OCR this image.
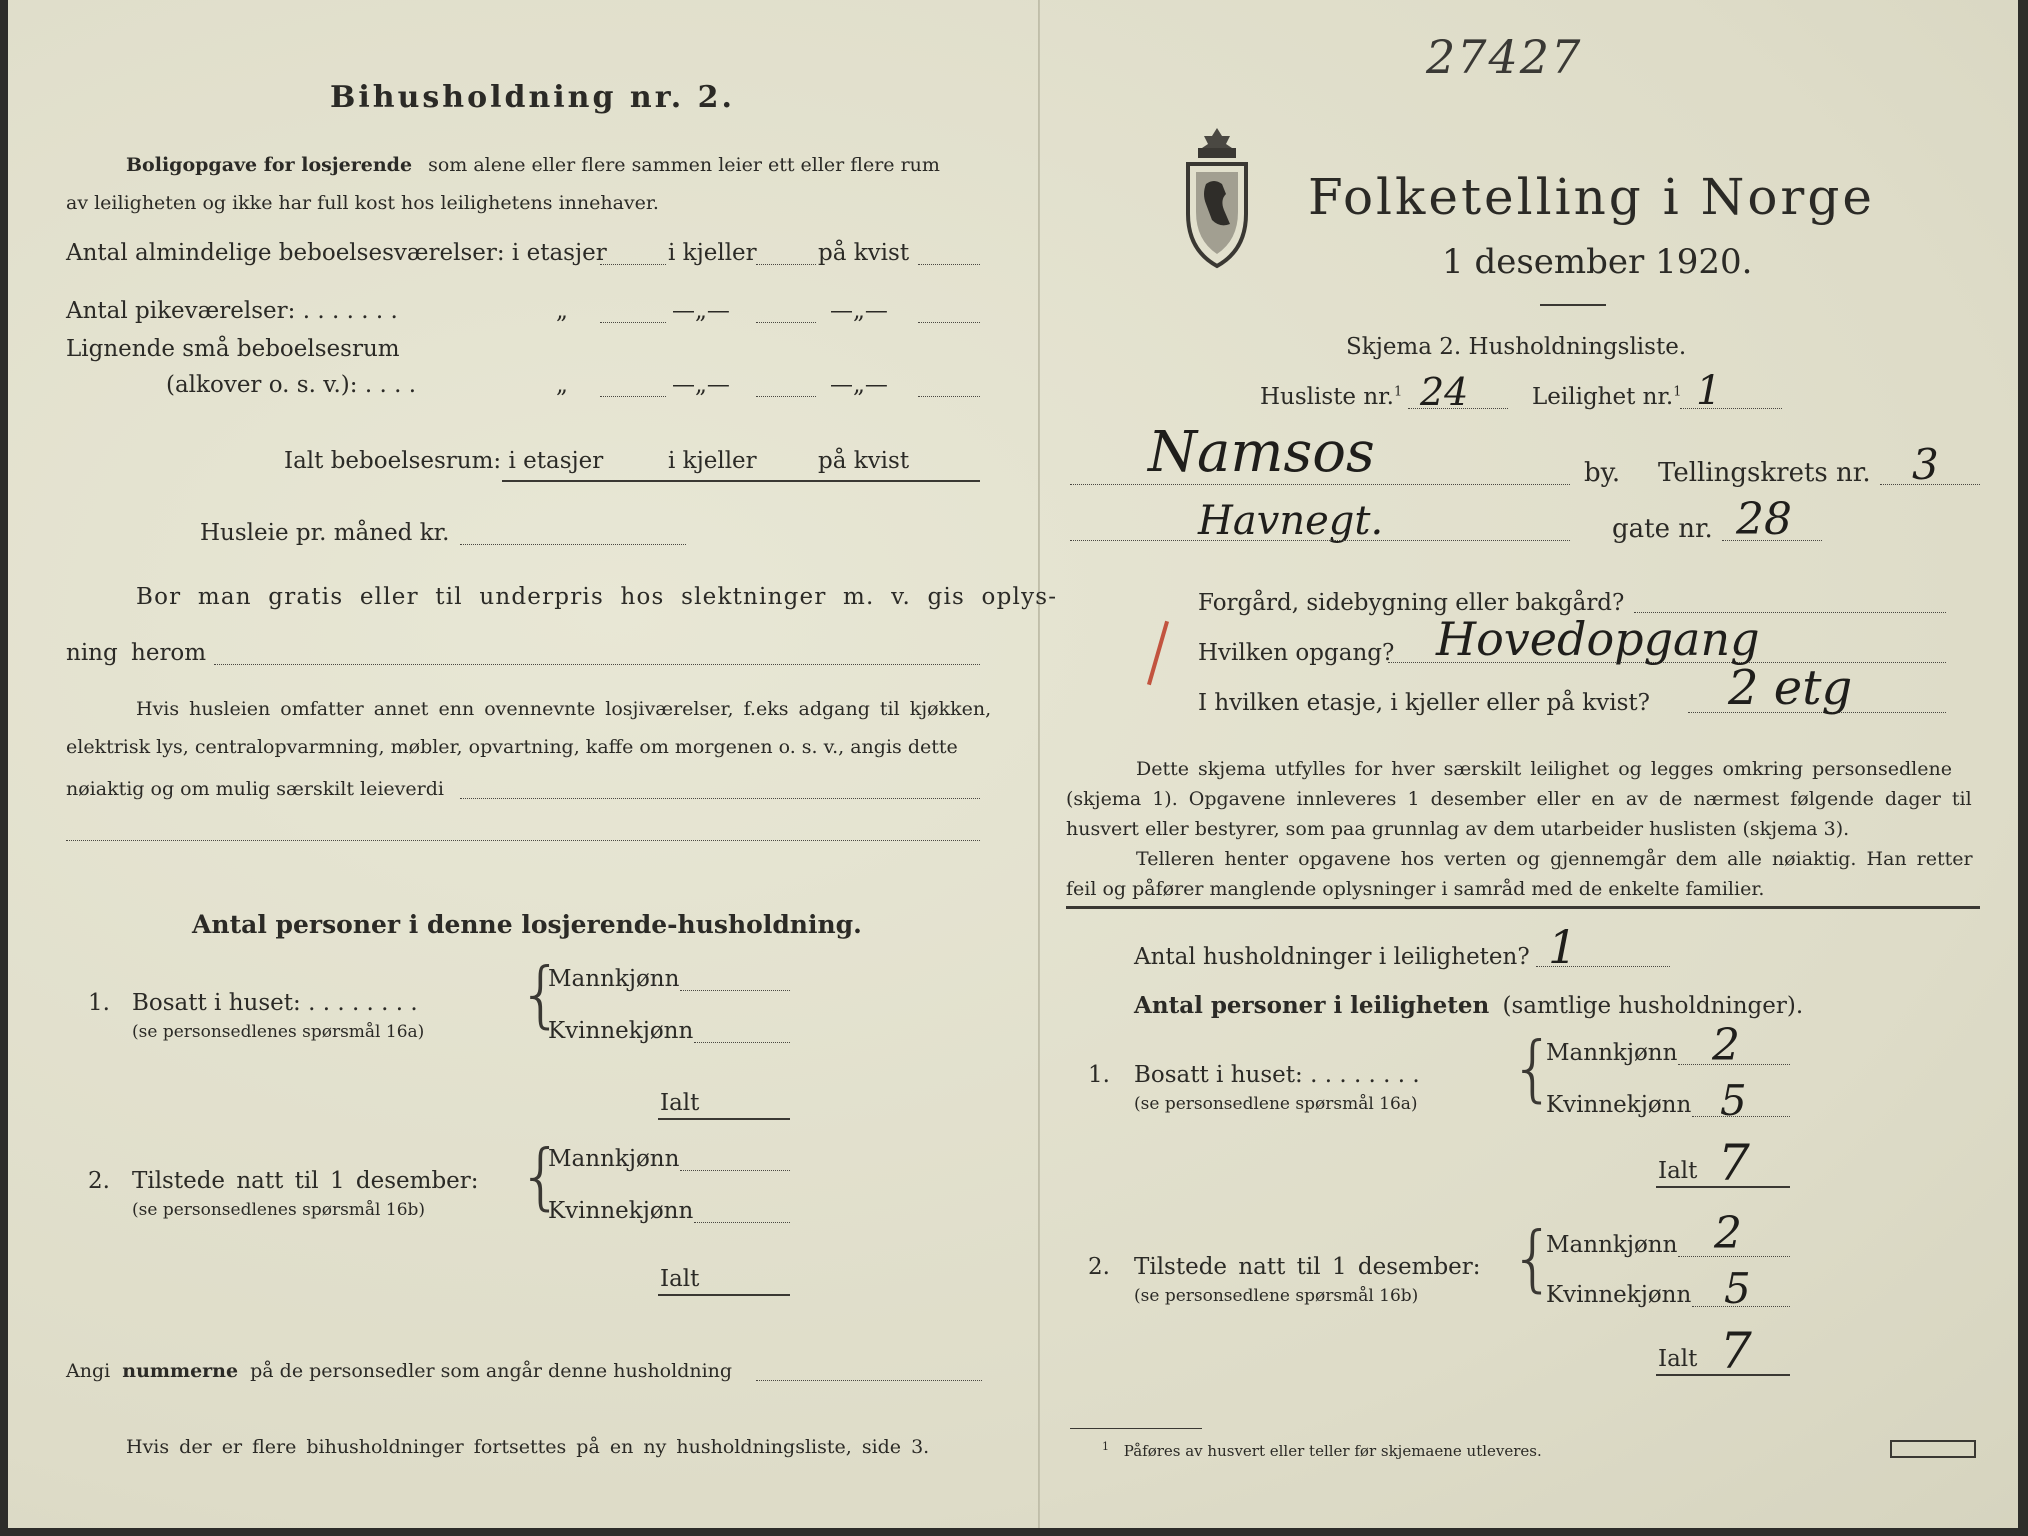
Bihusholdning nr. 2.
Boligopgave for losjerende som alene eller flere sammen leier ett eller flere rum
av leiligheten og ikke har full kost hos leilighetens innehaver.
Antal almindelige beboelsesværelser: i etasjer	i kjeller	på kvist
Antal pikeværelser: . . . . . . .	„	—„—	—„—
Lignende små beboelsesrum
(alkover o. s. v.): . . . .	„	—„—	—„—
Ialt beboelsesrum: i etasjer	i kjeller	på kvist
Husleie pr. måned kr.
Bor man gratis eller til underpris hos slektninger m. v. gis oplys-
ning herom
Hvis husleien omfatter annet enn ovennevnte losjiværelser, f.eks adgang til kjøkken,
elektrisk lys, centralopvarmning, møbler, opvartning, kaffe om morgenen o. s. v., angis dette
nøiaktig og om mulig særskilt leieverdi
Antal personer i denne losjerende-husholdning.
1. Bosatt i huset: . . . . . . . .
(se personsedlenes spørsmål 16a) {
Mannkjønn
Kvinnekjønn
Ialt
2. Tilstede natt til 1 desember:
(se personsedlenes spørsmål 16b) {
Mannkjønn
Kvinnekjønn
Ialt
Angi nummerne på de personsedler som angår denne husholdning
Hvis der er flere bihusholdninger fortsettes på en ny husholdningsliste, side 3.
27427
Folketelling i Norge
1 desember 1920.
Skjema 2. Husholdningsliste.
Husliste nr.$^1$ 24	Leilighet nr.$^1$ 1
Namsos	by. Tellingskrets nr. 3
Havnegt.	gate nr. 28
Forgård, sidebygning eller bakgård?
Hvilken opgang? Hovedopgang
I hvilken etasje, i kjeller eller på kvist? 2 etg
Dette skjema utfylles for hver særskilt leilighet og legges omkring personsedlene
(skjema 1). Opgavene innleveres 1 desember eller en av de nærmest følgende dager til
husvert eller bestyrer, som paa grunnlag av dem utarbeider huslisten (skjema 3).
Telleren henter opgavene hos verten og gjennemgår dem alle nøiaktig. Han retter
feil og påfører manglende oplysninger i samråd med de enkelte familier.
Antal husholdninger i leiligheten? 1
Antal personer i leiligheten (samtlige husholdninger).
1. Bosatt i huset: . . . . . . . .
(se personsedlene spørsmål 16a) {
Mannkjønn 2
Kvinnekjønn 5
Ialt 7
2. Tilstede natt til 1 desember:
(se personsedlene spørsmål 16b) {
Mannkjønn 2
Kvinnekjønn 5
Ialt 7
$^1$ Påføres av husvert eller teller før skjemaene utleveres.
